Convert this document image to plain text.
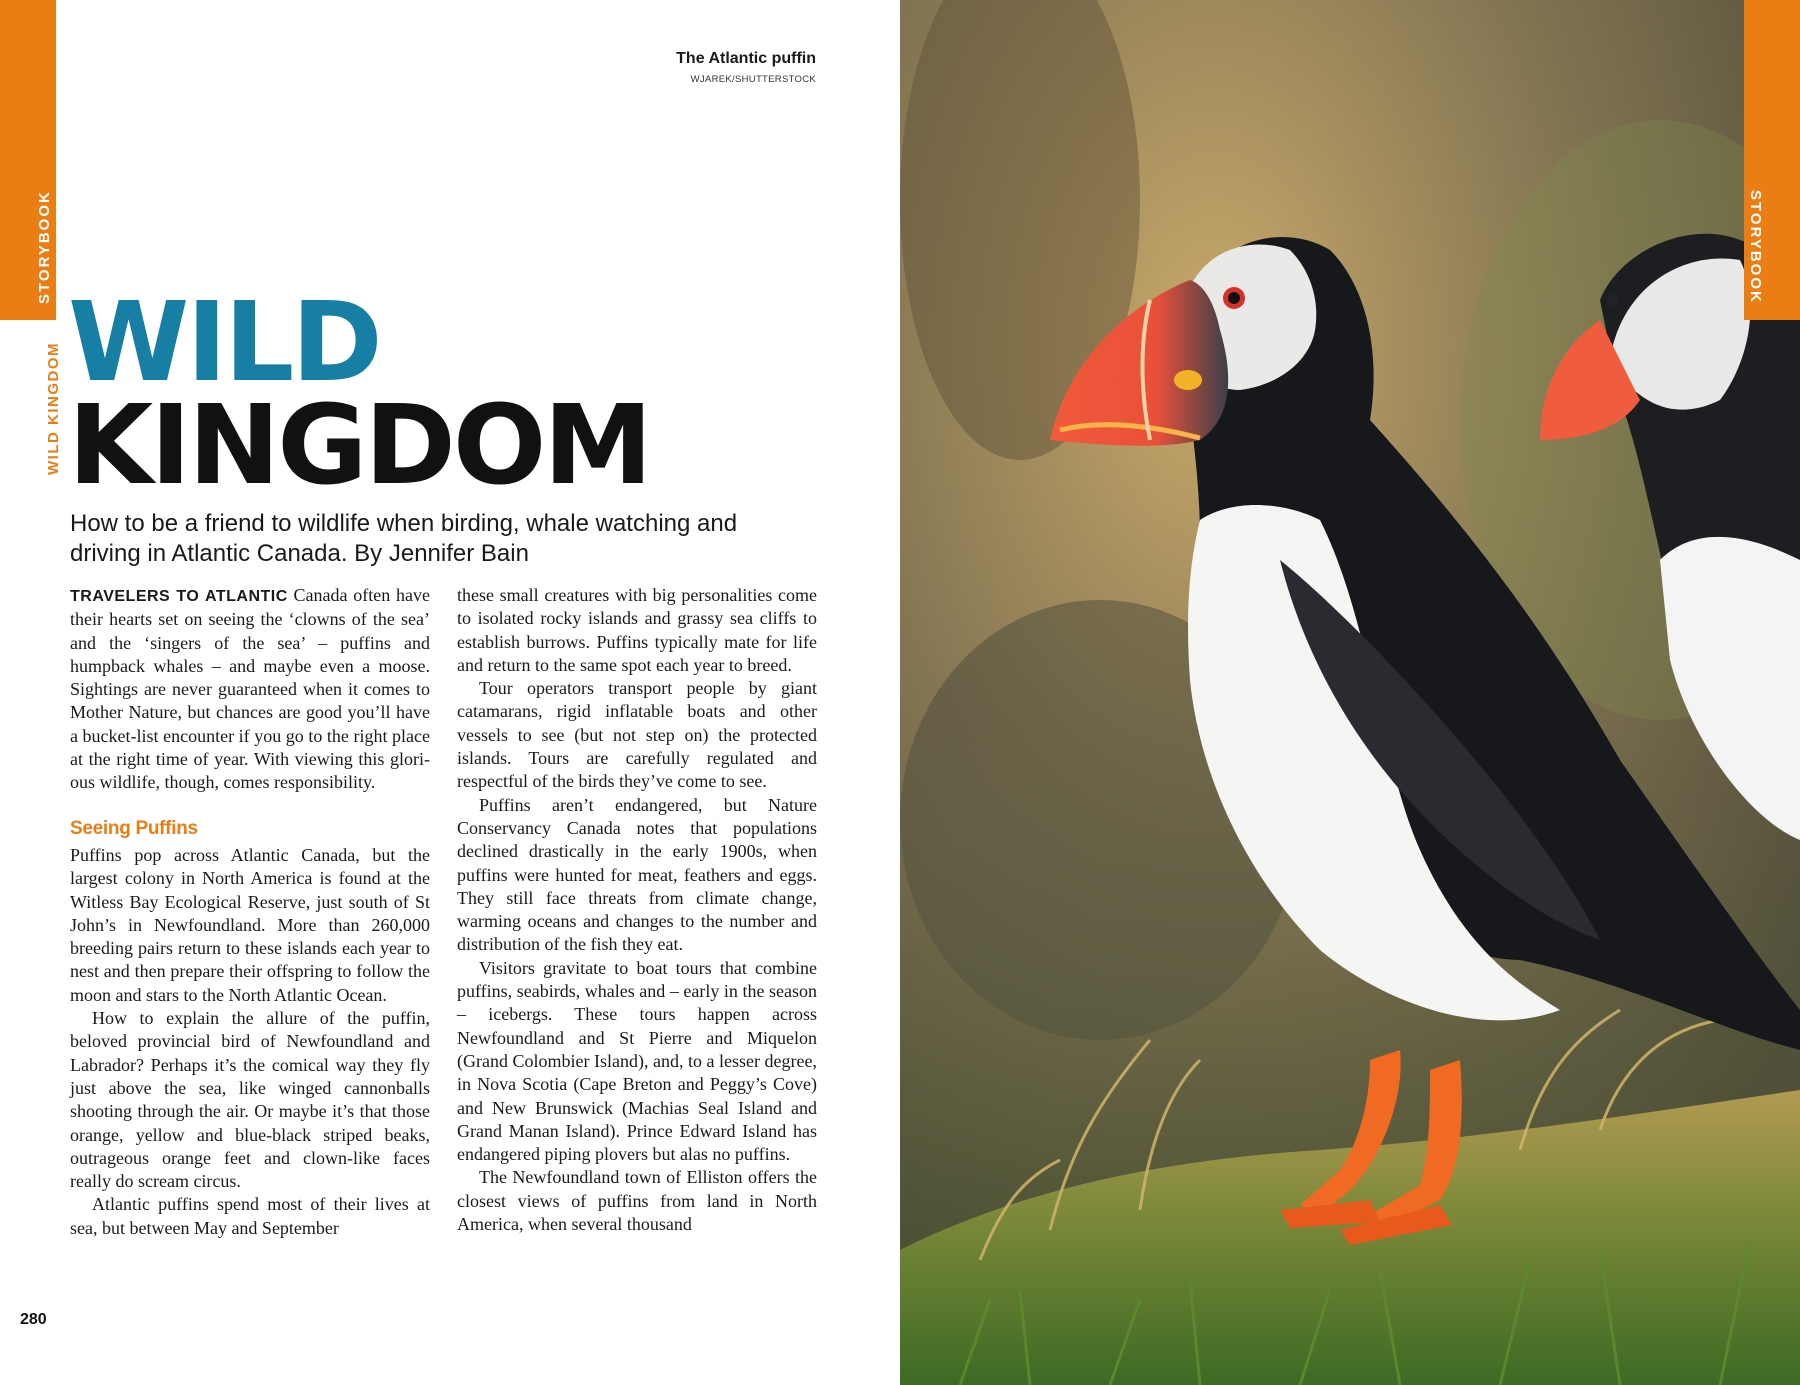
STORYBOOK
WILD KINGDOM
The Atlantic puffin
WJAREK/SHUTTERSTOCK
WILD
KINGDOM

How to be a friend to wildlife when birding, whale watching and driving in Atlantic Canada. By Jennifer Bain

TRAVELERS TO ATLANTIC Canada often have their hearts set on seeing the ‘clowns of the sea’ and the ‘singers of the sea’ – puffins and humpback whales – and maybe even a moose. Sightings are never guaranteed when it comes to Mother Nature, but chances are good you’ll have a bucket-list encounter if you go to the right place at the right time of year. With viewing this glorious wildlife, though, comes responsibility.

Seeing Puffins

Puffins pop across Atlantic Canada, but the largest colony in North America is found at the Witless Bay Ecological Reserve, just south of St John’s in Newfoundland. More than 260,000 breeding pairs return to these islands each year to nest and then prepare their offspring to follow the moon and stars to the North Atlantic Ocean.

How to explain the allure of the puffin, beloved provincial bird of Newfoundland and Labrador? Perhaps it’s the comical way they fly just above the sea, like winged cannonballs shooting through the air. Or maybe it’s that those orange, yellow and blue-black striped beaks, outrageous orange feet and clown-like faces really do scream circus.

Atlantic puffins spend most of their lives at sea, but between May and September

these small creatures with big personalities come to isolated rocky islands and grassy sea cliffs to establish burrows. Puffins typically mate for life and return to the same spot each year to breed.

Tour operators transport people by giant catamarans, rigid inflatable boats and other vessels to see (but not step on) the protected islands. Tours are carefully regulated and respectful of the birds they’ve come to see.

Puffins aren’t endangered, but Nature Conservancy Canada notes that populations declined drastically in the early 1900s, when puffins were hunted for meat, feathers and eggs. They still face threats from climate change, warming oceans and changes to the number and distribution of the fish they eat.

Visitors gravitate to boat tours that combine puffins, seabirds, whales and – early in the season – icebergs. These tours happen across Newfoundland and St Pierre and Miquelon (Grand Colombier Island), and, to a lesser degree, in Nova Scotia (Cape Breton and Peggy’s Cove) and New Brunswick (Machias Seal Island and Grand Manan Island). Prince Edward Island has endangered piping plovers but alas no puffins.

The Newfoundland town of Elliston offers the closest views of puffins from land in North America, when several thousand

280
STORYBOOK
